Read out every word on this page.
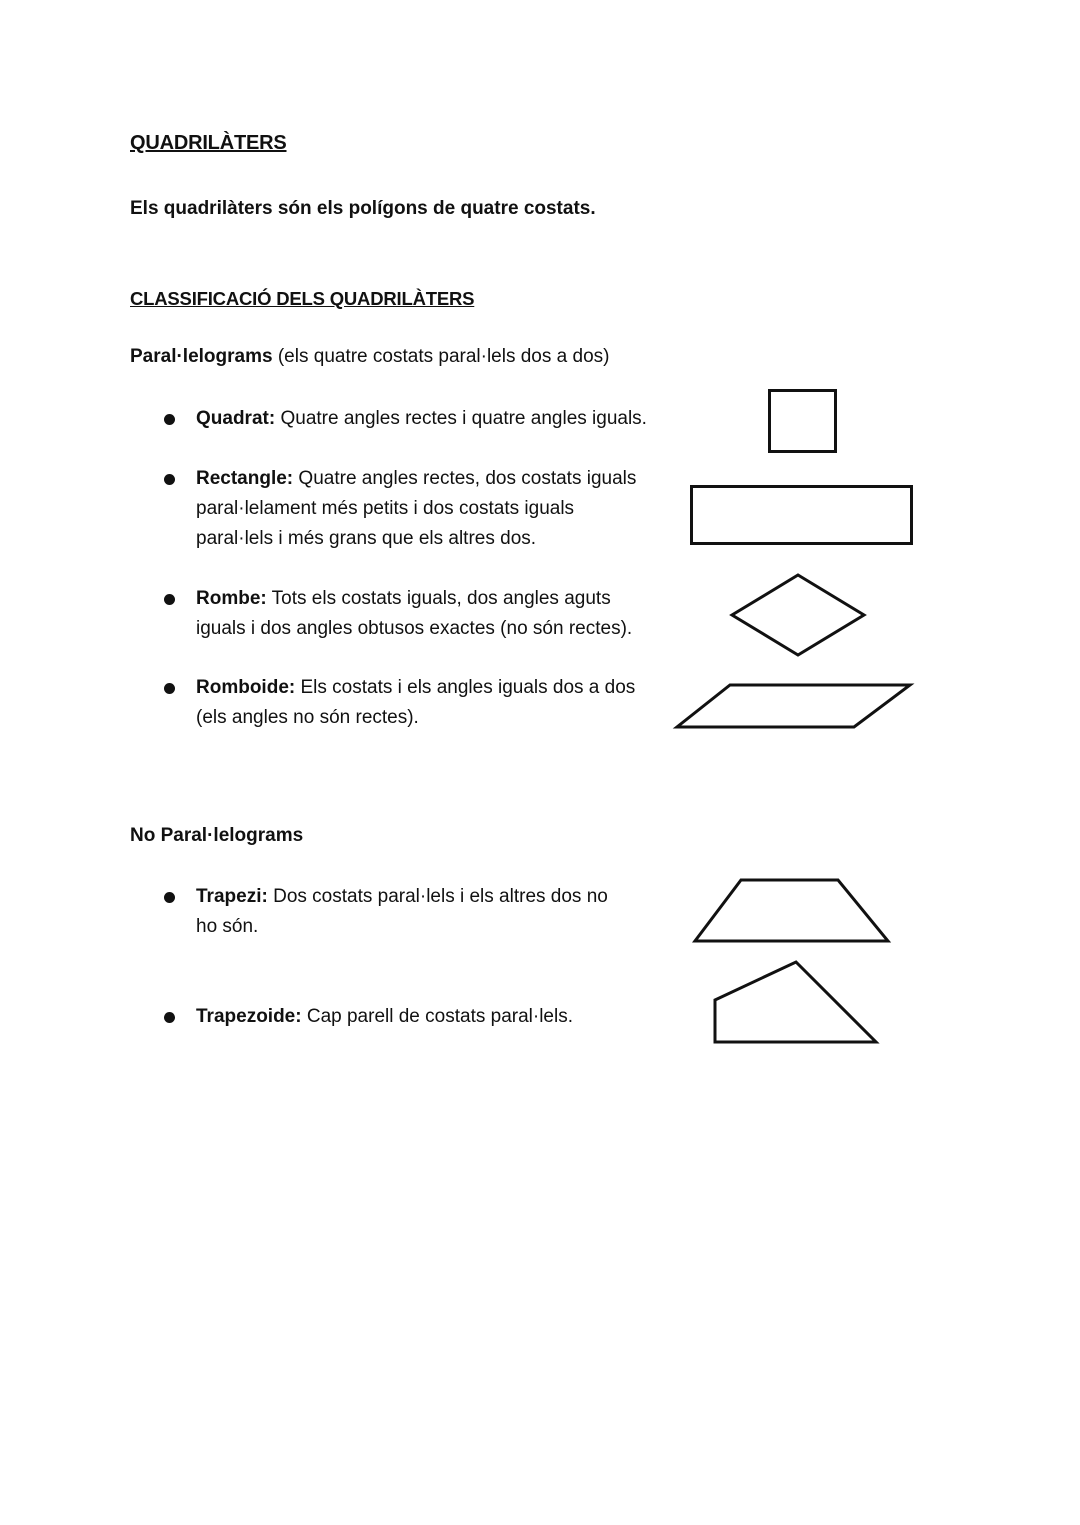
QUADRILÀTERS
Els quadrilàters són els polígons de quatre costats.
CLASSIFICACIÓ DELS QUADRILÀTERS
Paral·lelograms (els quatre costats paral·lels dos a dos)
Quadrat: Quatre angles rectes i quatre angles iguals.
Rectangle: Quatre angles rectes, dos costats iguals paral·lelament més petits i dos costats iguals paral·lels i més grans que els altres dos.
Rombe: Tots els costats iguals, dos angles aguts iguals i dos angles obtusos exactes (no són rectes).
Romboide: Els costats i els angles iguals dos a dos (els angles no són rectes).
No Paral·lelograms
Trapezi: Dos costats paral·lels i els altres dos no ho són.
Trapezoide: Cap parell de costats paral·lels.
